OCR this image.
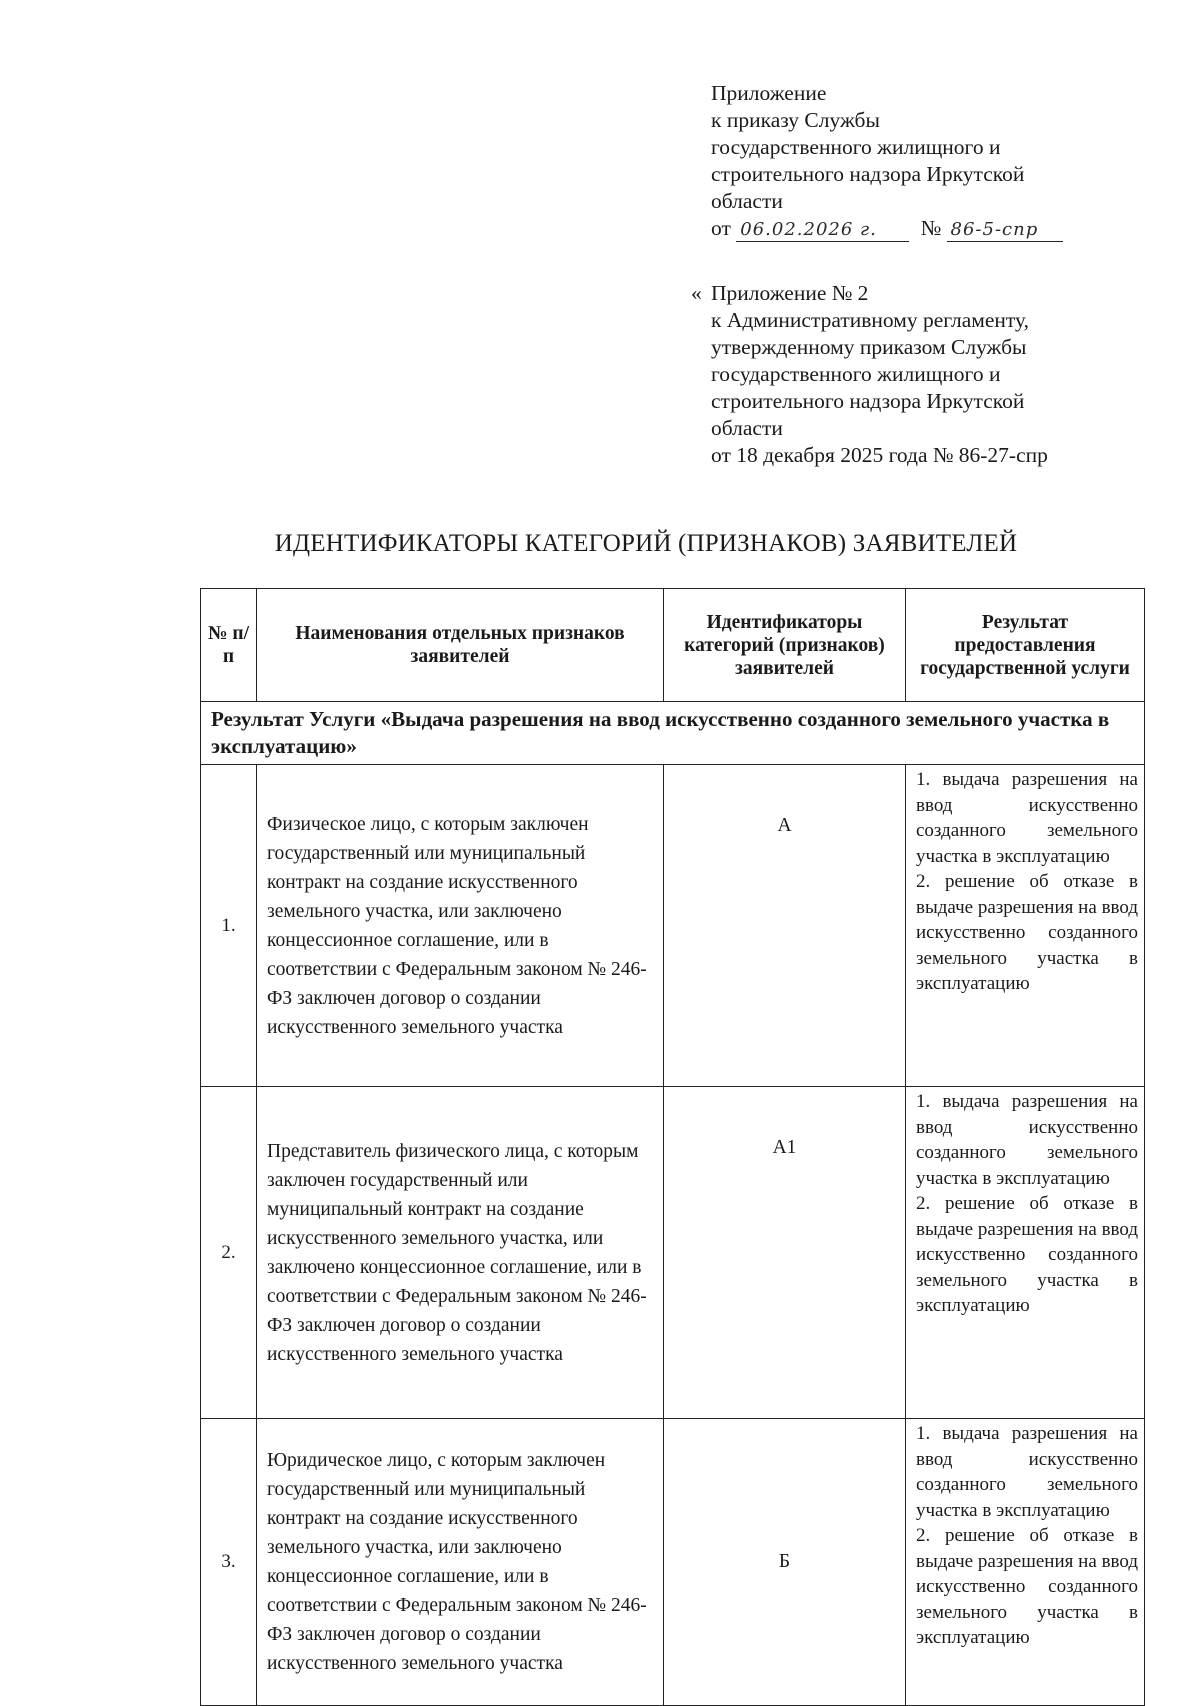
Приложение
к приказу Службы
государственного жилищного и
строительного надзора Иркутской
области
от 06.02.2026 г. № 86-5-спр
« Приложение № 2
к Административному регламенту,
утвержденному приказом Службы
государственного жилищного и
строительного надзора Иркутской
области
от 18 декабря 2025 года № 86-27-спр
ИДЕНТИФИКАТОРЫ КАТЕГОРИЙ (ПРИЗНАКОВ) ЗАЯВИТЕЛЕЙ
№ п/п	Наименования отдельных признаков заявителей	Идентификаторы категорий (признаков) заявителей	Результат предоставления государственной услуги
Результат Услуги «Выдача разрешения на ввод искусственно созданного земельного участка в эксплуатацию»			
1.	Физическое лицо, с которым заключен государственный или муниципальный контракт на создание искусственного земельного участка, или заключено концессионное соглашение, или в соответствии с Федеральным законом № 246-ФЗ заключен договор о создании искусственного земельного участка	А	1. выдача разрешения на ввод искусственно созданного земельного участка в эксплуатацию
2. решение об отказе в выдаче разрешения на ввод искусственно созданного земельного участка в эксплуатацию

2.	Представитель физического лица, с которым заключен государственный или муниципальный контракт на создание искусственного земельного участка, или заключено концессионное соглашение, или в соответствии с Федеральным законом № 246-ФЗ заключен договор о создании искусственного земельного участка	А1	1. выдача разрешения на ввод искусственно созданного земельного участка в эксплуатацию
2. решение об отказе в выдаче разрешения на ввод искусственно созданного земельного участка в эксплуатацию

3.	Юридическое лицо, с которым заключен государственный или муниципальный контракт на создание искусственного земельного участка, или заключено концессионное соглашение, или в соответствии с Федеральным законом № 246-ФЗ заключен договор о создании искусственного земельного участка	Б	1. выдача разрешения на ввод искусственно созданного земельного участка в эксплуатацию
2. решение об отказе в выдаче разрешения на ввод искусственно созданного земельного участка в эксплуатацию
